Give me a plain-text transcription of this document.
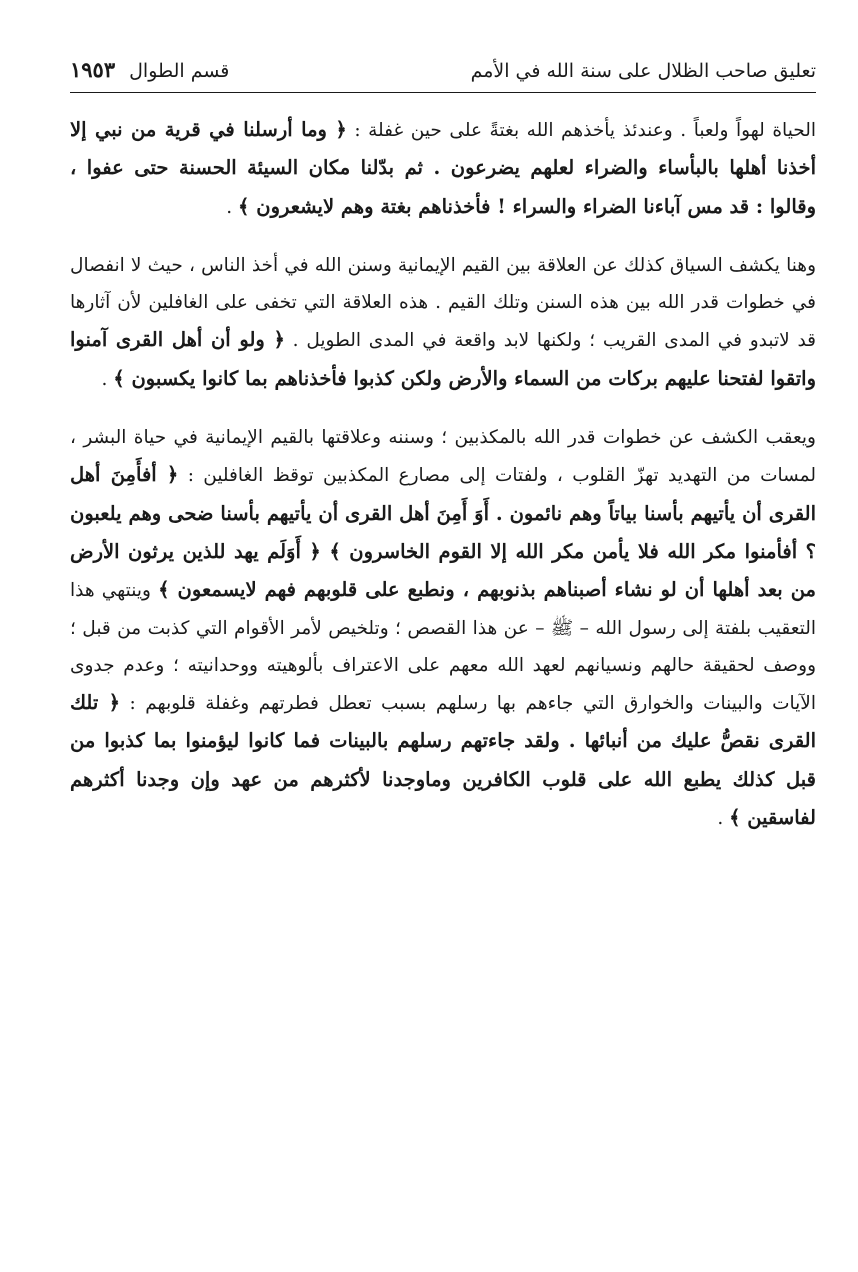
تعليق صاحب الظلال على سنة الله في الأمم
قسم الطوال
١٩٥٣

الحياة لهواً ولعباً . وعندئذ يأخذهم الله بغتةً على حين غفلة : ﴿ وما أرسلنا في قرية من نبي إلا أخذنا أهلها بالبأساء والضراء لعلهم يضرعون . ثم بدّلنا مكان السيئة الحسنة حتى عفوا ، وقالوا : قد مس آباءنا الضراء والسراء ! فأخذناهم بغتة وهم لايشعرون ﴾ .

وهنا يكشف السياق كذلك عن العلاقة بين القيم الإيمانية وسنن الله في أخذ الناس ، حيث لا انفصال في خطوات قدر الله بين هذه السنن وتلك القيم . هذه العلاقة التي تخفى على الغافلين لأن آثارها قد لاتبدو في المدى القريب ؛ ولكنها لابد واقعة في المدى الطويل . ﴿ ولو أن أهل القرى آمنوا واتقوا لفتحنا عليهم بركات من السماء والأرض ولكن كذبوا فأخذناهم بما كانوا يكسبون ﴾ .

ويعقب الكشف عن خطوات قدر الله بالمكذبين ؛ وسننه وعلاقتها بالقيم الإيمانية في حياة البشر ، لمسات من التهديد تهزّ القلوب ، ولفتات إلى مصارع المكذبين توقظ الغافلين : ﴿ أفأَمِنَ أهل القرى أن يأتيهم بأسنا بياتاً وهم نائمون . أَوَ أَمِنَ أهل القرى أن يأتيهم بأسنا ضحى وهم يلعبون ؟ أفأمنوا مكر الله فلا يأمن مكر الله إلا القوم الخاسرون ﴾ ﴿ أَوَلَم يهد للذين يرثون الأرض من بعد أهلها أن لو نشاء أصبناهم بذنوبهم ، ونطبع على قلوبهم فهم لايسمعون ﴾ وينتهي هذا التعقيب بلفتة إلى رسول الله – ﷺ – عن هذا القصص ؛ وتلخيص لأمر الأقوام التي كذبت من قبل ؛ ووصف لحقيقة حالهم ونسيانهم لعهد الله معهم على الاعتراف بألوهيته ووحدانيته ؛ وعدم جدوى الآيات والبينات والخوارق التي جاءهم بها رسلهم بسبب تعطل فطرتهم وغفلة قلوبهم : ﴿ تلك القرى نقصُّ عليك من أنبائها . ولقد جاءتهم رسلهم بالبينات فما كانوا ليؤمنوا بما كذبوا من قبل كذلك يطبع الله على قلوب الكافرين وماوجدنا لأكثرهم من عهد وإن وجدنا أكثرهم لفاسقين ﴾ .
